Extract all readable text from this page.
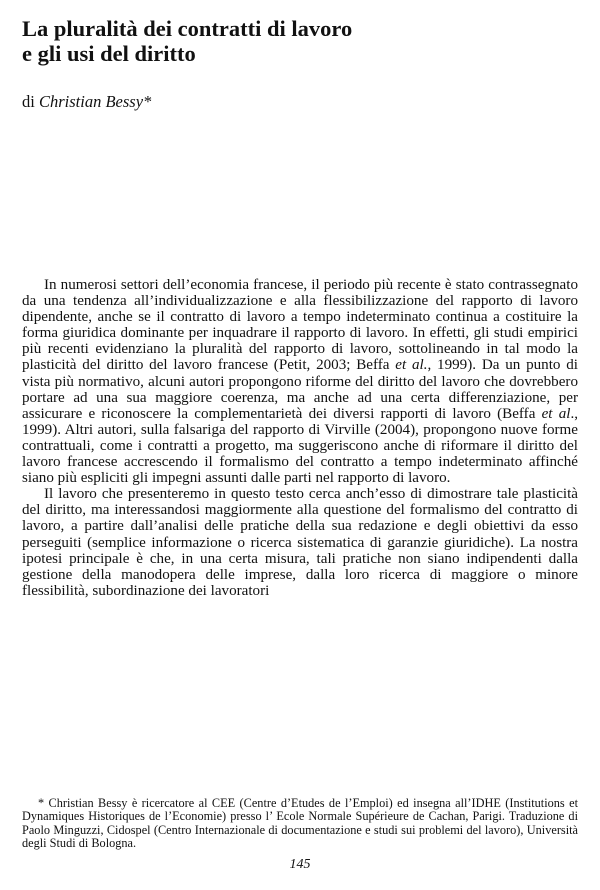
La pluralità dei contratti di lavoro
e gli usi del diritto
di Christian Bessy*

In numerosi settori dell’economia francese, il periodo più recente è stato contrassegnato da una tendenza all’individualizzazione e alla flessibilizzazione del rapporto di lavoro dipendente, anche se il contratto di lavoro a tempo indeterminato continua a costituire la forma giuridica dominante per inquadrare il rapporto di lavoro. In effetti, gli studi empirici più recenti evidenziano la pluralità del rapporto di lavoro, sottolineando in tal modo la plasticità del diritto del lavoro francese (Petit, 2003; Beffa et al., 1999). Da un punto di vista più normativo, alcuni autori propongono riforme del diritto del lavoro che dovrebbero portare ad una sua maggiore coerenza, ma anche ad una certa differenziazione, per assicurare e riconoscere la complementarietà dei diversi rapporti di lavoro (Beffa et al., 1999). Altri autori, sulla falsariga del rapporto di Virville (2004), propongono nuove forme contrattuali, come i contratti a progetto, ma suggeriscono anche di riformare il diritto del lavoro francese accrescendo il formalismo del contratto a tempo indeterminato affinché siano più espliciti gli impegni assunti dalle parti nel rapporto di lavoro.

Il lavoro che presenteremo in questo testo cerca anch’esso di dimostrare tale plasticità del diritto, ma interessandosi maggiormente alla questione del formalismo del contratto di lavoro, a partire dall’analisi delle pratiche della sua redazione e degli obiettivi da esso perseguiti (semplice informazione o ricerca sistematica di garanzie giuridiche). La nostra ipotesi principale è che, in una certa misura, tali pratiche non siano indipendenti dalla gestione della manodopera delle imprese, dalla loro ricerca di maggiore o minore flessibilità, subordinazione dei lavoratori

* Christian Bessy è ricercatore al CEE (Centre d’Etudes de l’Emploi) ed insegna all’IDHE (Institutions et Dynamiques Historiques de l’Economie) presso l’ Ecole Normale Supérieure de Cachan, Parigi. Traduzione di Paolo Minguzzi, Cidospel (Centro Internazionale di documentazione e studi sui problemi del lavoro), Università degli Studi di Bologna.

145
